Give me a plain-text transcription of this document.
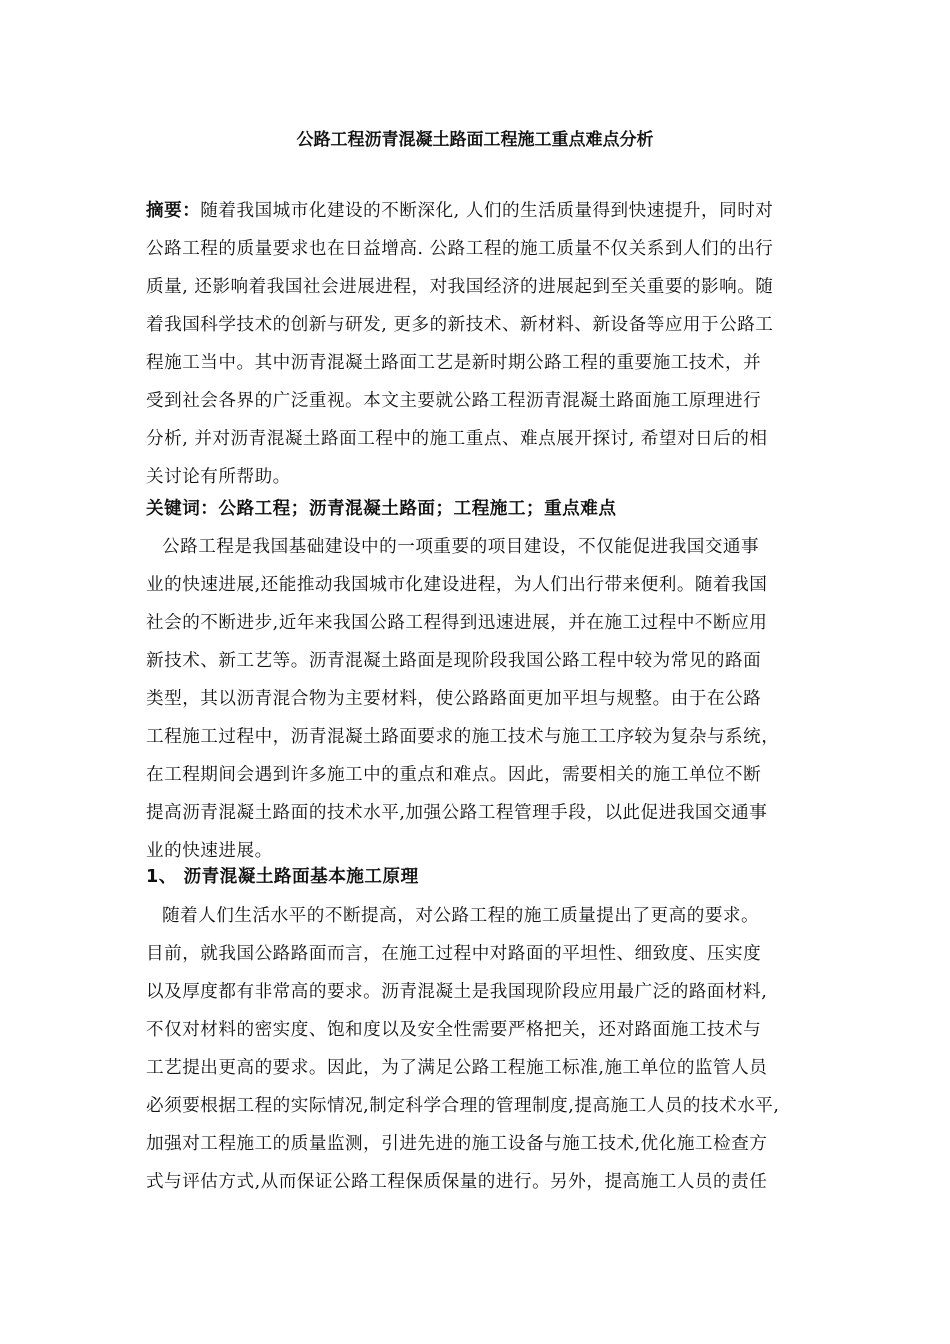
公路工程沥青混凝土路面工程施工重点难点分析
摘要：随着我国城市化建设的不断深化, 人们的生活质量得到快速提升，同时对
公路工程的质量要求也在日益增高. 公路工程的施工质量不仅关系到人们的出行
质量, 还影响着我国社会进展进程，对我国经济的进展起到至关重要的影响。随
着我国科学技术的创新与研发, 更多的新技术、新材料、新设备等应用于公路工
程施工当中。其中沥青混凝土路面工艺是新时期公路工程的重要施工技术，并
受到社会各界的广泛重视。本文主要就公路工程沥青混凝土路面施工原理进行
分析, 并对沥青混凝土路面工程中的施工重点、难点展开探讨, 希望对日后的相
关讨论有所帮助。
关键词：公路工程；沥青混凝土路面；工程施工；重点难点
公路工程是我国基础建设中的一项重要的项目建设，不仅能促进我国交通事
业的快速进展,还能推动我国城市化建设进程，为人们出行带来便利。随着我国
社会的不断进步,近年来我国公路工程得到迅速进展，并在施工过程中不断应用
新技术、新工艺等。沥青混凝土路面是现阶段我国公路工程中较为常见的路面
类型，其以沥青混合物为主要材料，使公路路面更加平坦与规整。由于在公路
工程施工过程中，沥青混凝土路面要求的施工技术与施工工序较为复杂与系统，
在工程期间会遇到许多施工中的重点和难点。因此，需要相关的施工单位不断
提高沥青混凝土路面的技术水平,加强公路工程管理手段，以此促进我国交通事
业的快速进展。
1、 沥青混凝土路面基本施工原理
随着人们生活水平的不断提高，对公路工程的施工质量提出了更高的要求。
目前，就我国公路路面而言，在施工过程中对路面的平坦性、细致度、压实度
以及厚度都有非常高的要求。沥青混凝土是我国现阶段应用最广泛的路面材料,
不仅对材料的密实度、饱和度以及安全性需要严格把关，还对路面施工技术与
工艺提出更高的要求。因此，为了满足公路工程施工标准,施工单位的监管人员
必须要根据工程的实际情况,制定科学合理的管理制度,提高施工人员的技术水平,
加强对工程施工的质量监测，引进先进的施工设备与施工技术,优化施工检查方
式与评估方式,从而保证公路工程保质保量的进行。另外，提高施工人员的责任
